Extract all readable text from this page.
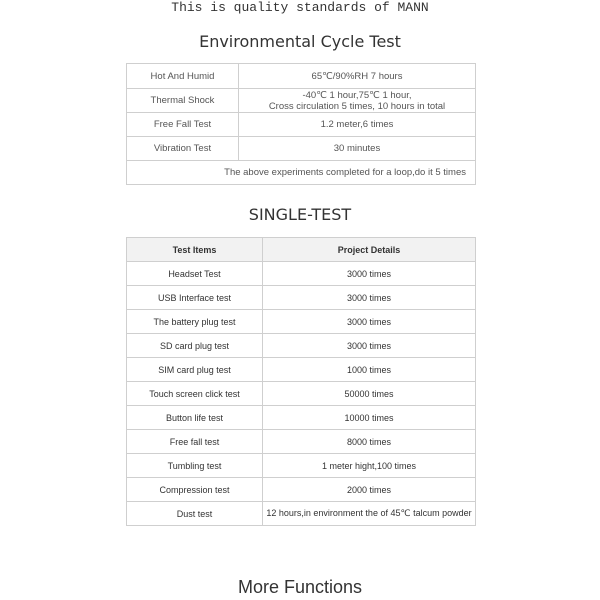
This is quality standards of MANN
Environmental Cycle Test
Hot And Humid	65℃/90%RH 7 hours
Thermal Shock	-40℃ 1 hour,75℃ 1 hour,
Cross circulation 5 times, 10 hours in total

Free Fall Test	1.2 meter,6 times
Vibration Test	30 minutes
The above experiments completed for a loop,do it 5 times	
SINGLE-TEST
Test Items	Project Details
Headset Test	3000 times
USB Interface test	3000 times
The battery plug test	3000 times
SD card plug test	3000 times
SIM card plug test	1000 times
Touch screen click test	50000 times
Button life test	10000 times
Free fall test	8000 times
Tumbling test	1 meter hight,100 times
Compression test	2000 times
Dust test	12 hours,in environment the of 45℃ talcum powder
More Functions
